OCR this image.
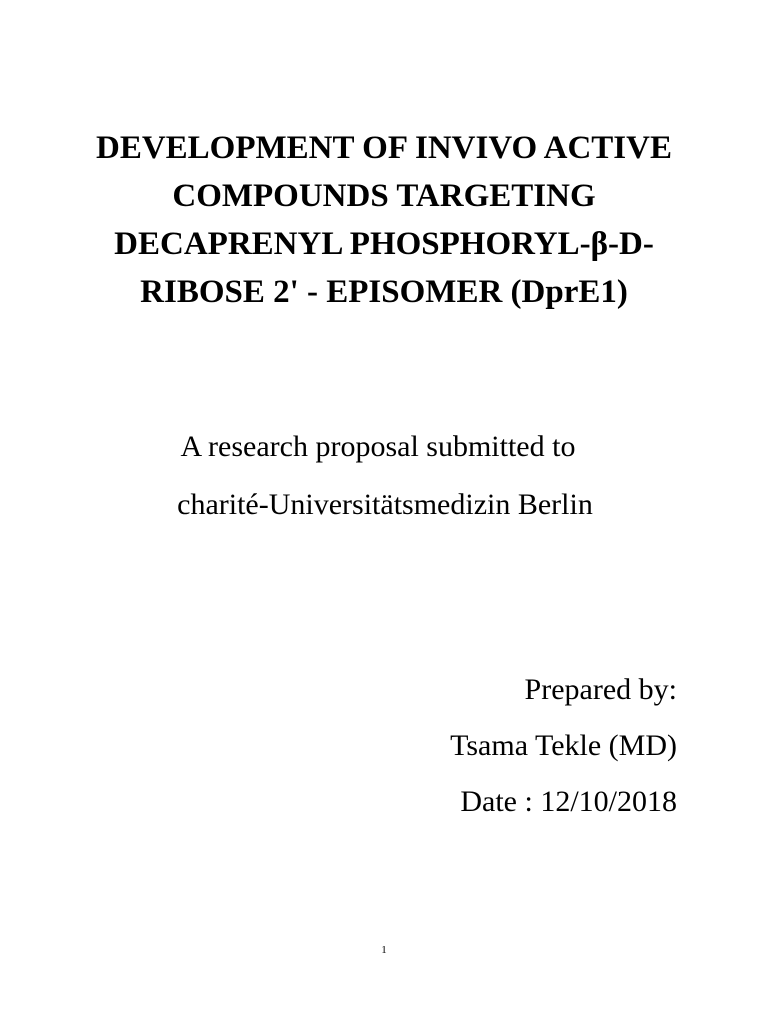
DEVELOPMENT OF INVIVO ACTIVE
COMPOUNDS TARGETING
DECAPRENYL PHOSPHORYL-β-D-
RIBOSE 2' - EPISOMER (DprE1)
A research proposal submitted to
charité-Universitätsmedizin Berlin
Prepared by:
Tsama Tekle (MD)
Date : 12/10/2018
1
